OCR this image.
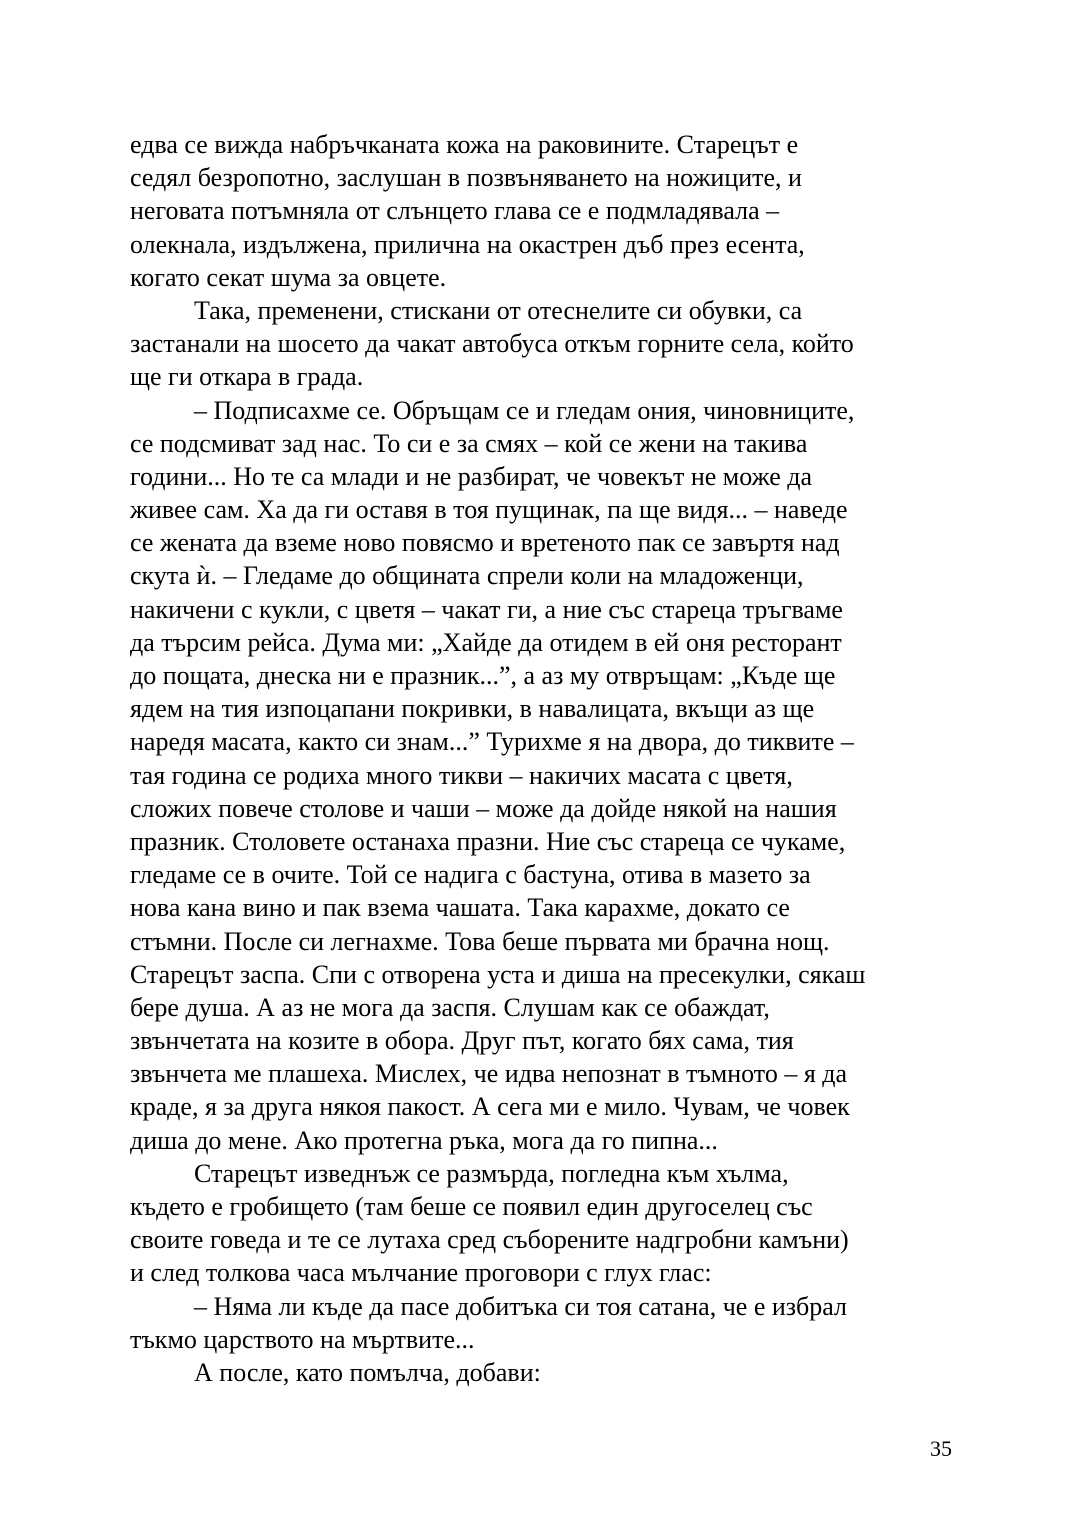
едва се вижда набръчканата кожа на раковините. Старецът е
седял безропотно, заслушан в позвъняването на ножиците, и
неговата потъмняла от слънцето глава се е подмладявала –
олекнала, издължена, прилична на окастрен дъб през есента,
когато секат шума за овцете.
Така, пременени, стискани от отеснелите си обувки, са
застанали на шосето да чакат автобуса откъм горните села, който
ще ги откара в града.
– Подписахме се. Обръщам се и гледам ония, чиновниците,
се подсмиват зад нас. То си е за смях – кой се жени на такива
години... Но те са млади и не разбират, че човекът не може да
живее сам. Ха да ги оставя в тоя пущинак, па ще видя... – наведе
се жената да вземе ново повясмо и вретеното пак се завъртя над
скута ѝ. – Гледаме до общината спрели коли на младоженци,
накичени с кукли, с цветя – чакат ги, а ние със стареца тръгваме
да търсим рейса. Дума ми: „Хайде да отидем в ей оня ресторант
до пощата, днеска ни е празник...”, а аз му отвръщам: „Къде ще
ядем на тия изпоцапани покривки, в навалицата, вкъщи аз ще
наредя масата, както си знам...” Турихме я на двора, до тиквите –
тая година се родиха много тикви – накичих масата с цветя,
сложих повече столове и чаши – може да дойде някой на нашия
празник. Столовете останаха празни. Ние със стареца се чукаме,
гледаме се в очите. Той се надига с бастуна, отива в мазето за
нова кана вино и пак взема чашата. Така карахме, докато се
стъмни. После си легнахме. Това беше първата ми брачна нощ.
Старецът заспа. Спи с отворена уста и диша на пресекулки, сякаш
бере душа. А аз не мога да заспя. Слушам как се обаждат,
звънчетата на козите в обора. Друг път, когато бях сама, тия
звънчета ме плашеха. Мислех, че идва непознат в тъмното – я да
краде, я за друга някоя пакост. А сега ми е мило. Чувам, че човек
диша до мене. Ако протегна ръка, мога да го пипна...
Старецът изведнъж се размърда, погледна към хълма,
където е гробището (там беше се появил един другоселец със
своите говеда и те се лутаха сред съборените надгробни камъни)
и след толкова часа мълчание проговори с глух глас:
– Няма ли къде да пасе добитъка си тоя сатана, че е избрал
тъкмо царството на мъртвите...
А после, като помълча, добави:
35
